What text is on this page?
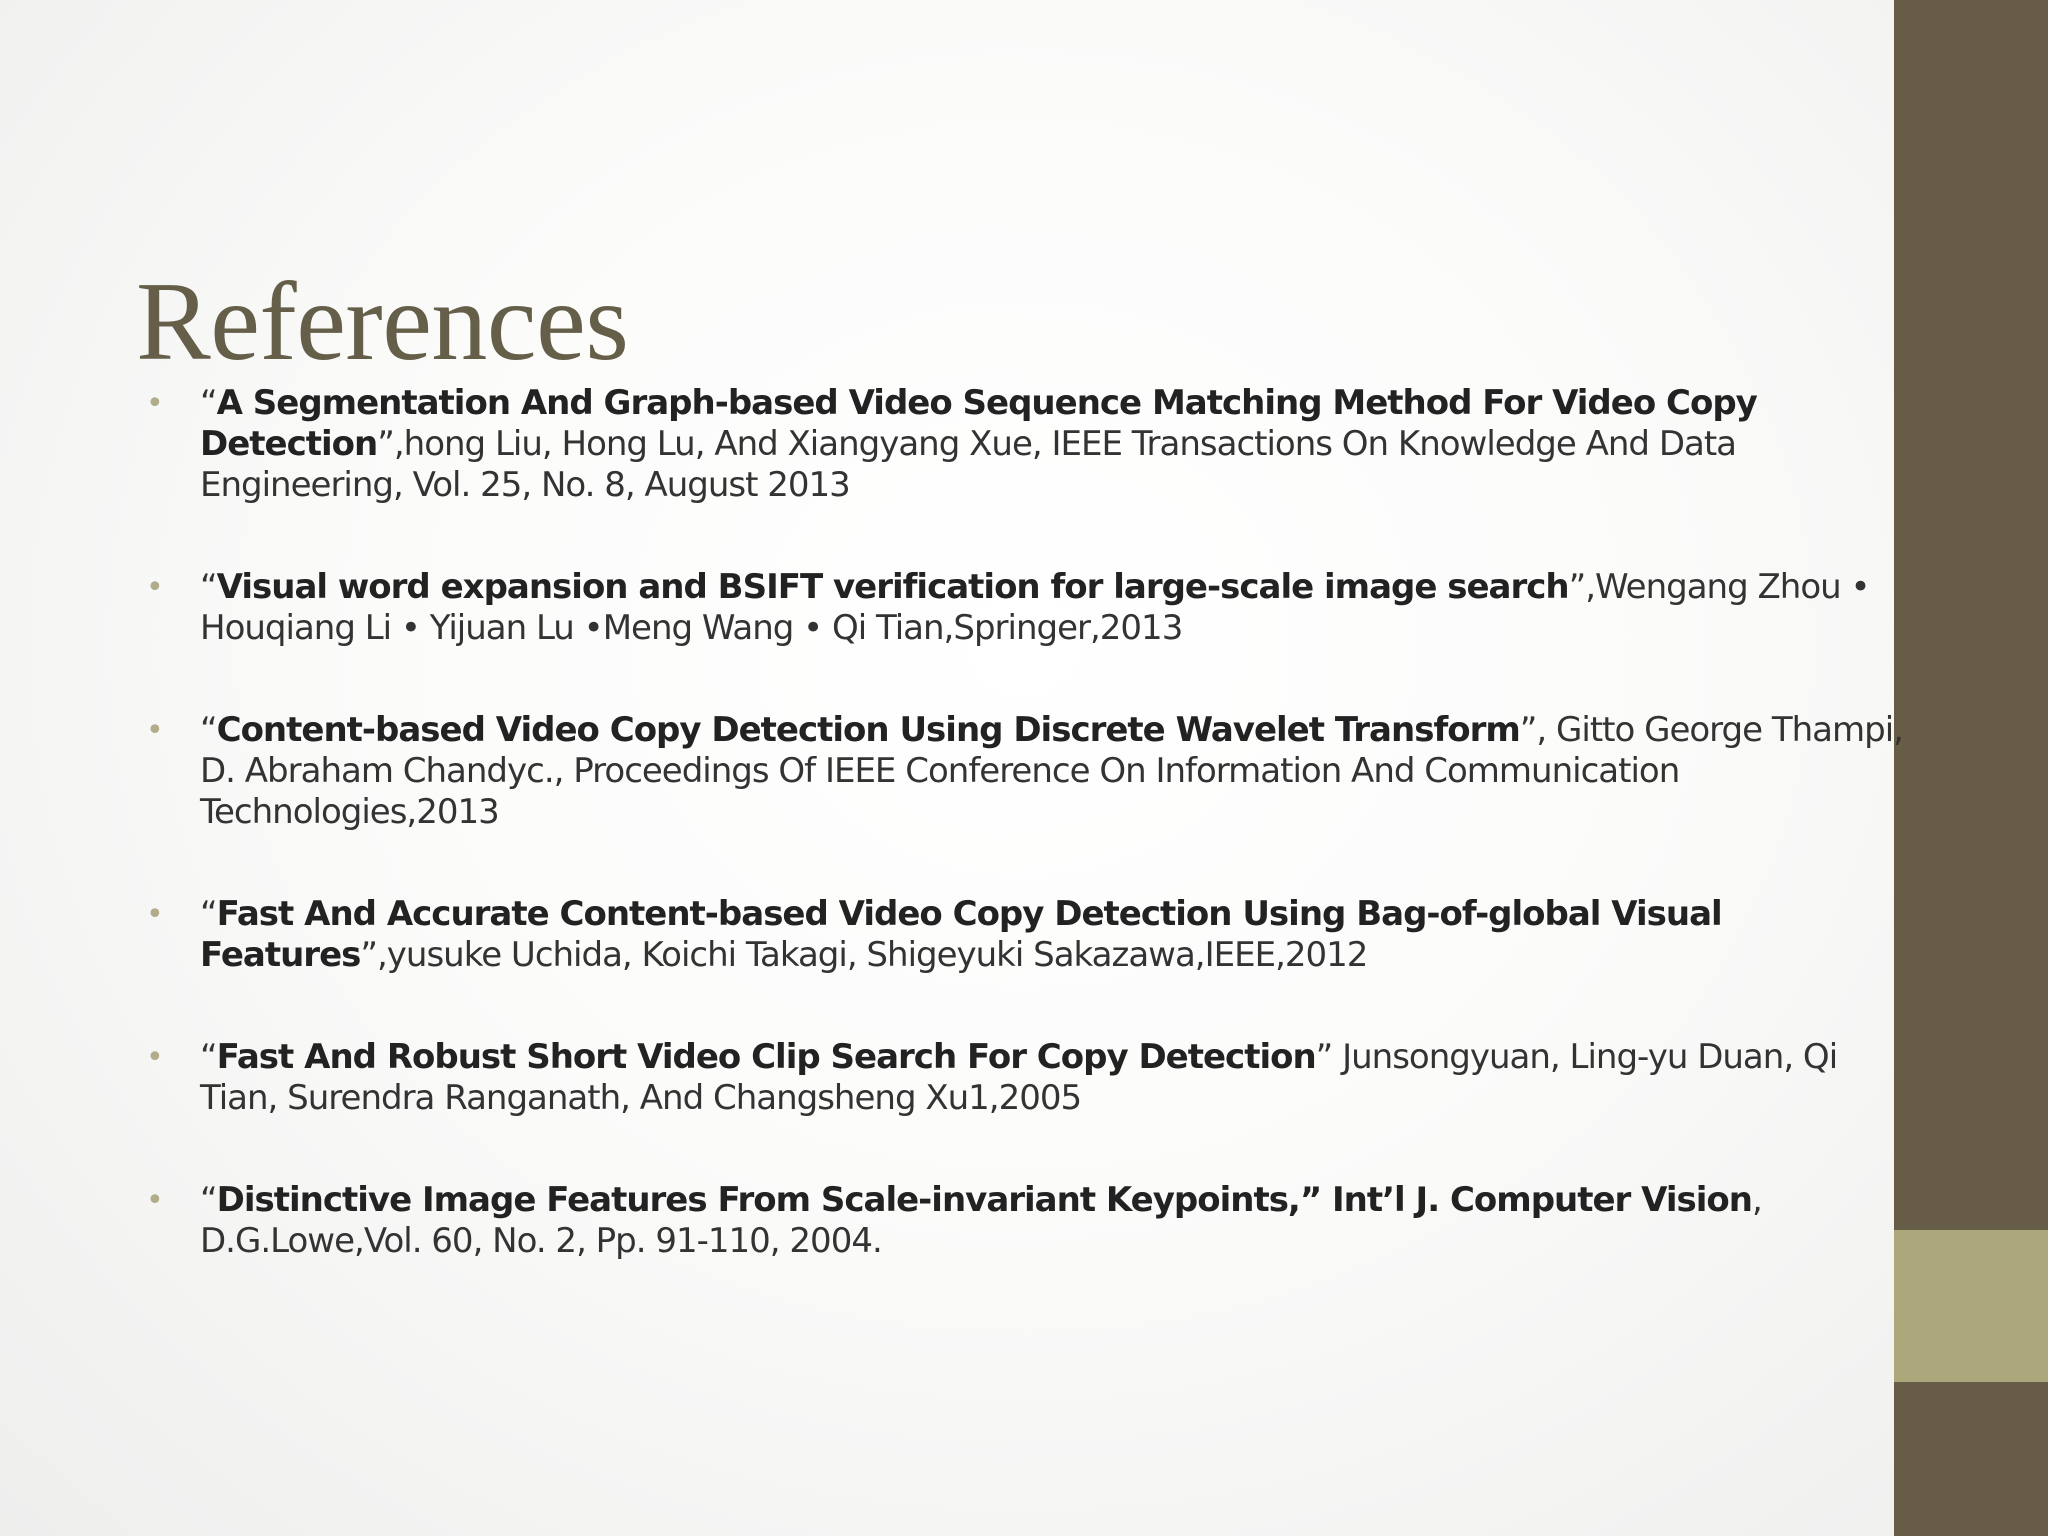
References
• “A Segmentation And Graph-based Video Sequence Matching Method For Video Copy Detection”,hong Liu, Hong Lu, And Xiangyang Xue, IEEE Transactions On Knowledge And Data Engineering, Vol. 25, No. 8, August 2013
• “Visual word expansion and BSIFT verification for large-scale image search”,Wengang Zhou • Houqiang Li • Yijuan Lu •Meng Wang • Qi Tian,Springer,2013
• “Content-based Video Copy Detection Using Discrete Wavelet Transform”, Gitto George Thampi, D. Abraham Chandyc., Proceedings Of IEEE Conference On Information And Communication Technologies,2013
• “Fast And Accurate Content-based Video Copy Detection Using Bag-of-global Visual Features”,yusuke Uchida, Koichi Takagi, Shigeyuki Sakazawa,IEEE,2012
• “Fast And Robust Short Video Clip Search For Copy Detection” Junsongyuan, Ling-yu Duan, Qi Tian, Surendra Ranganath, And Changsheng Xu1,2005
• “Distinctive Image Features From Scale-invariant Keypoints,” Int’l J. Computer Vision, D.G.Lowe,Vol. 60, No. 2, Pp. 91-110, 2004.
